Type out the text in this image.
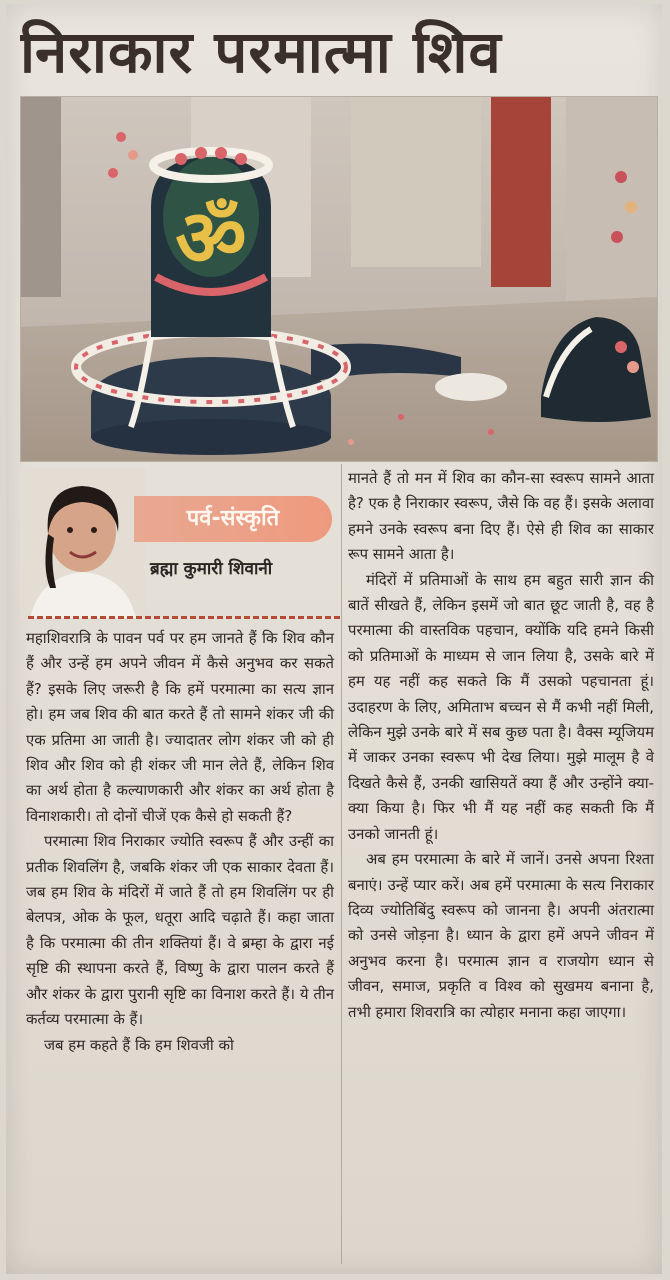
निराकार परमात्मा शिव
ॐ
पर्व-संस्कृति
ब्रह्मा कुमारी शिवानी

महाशिवरात्रि के पावन पर्व पर हम जानते हैं कि शिव कौन हैं और उन्हें हम अपने जीवन में कैसे अनुभव कर सकते हैं? इसके लिए जरूरी है कि हमें परमात्मा का सत्य ज्ञान हो। हम जब शिव की बात करते हैं तो सामने शंकर जी की एक प्रतिमा आ जाती है। ज्यादातर लोग शंकर जी को ही शिव और शिव को ही शंकर जी मान लेते हैं, लेकिन शिव का अर्थ होता है कल्याणकारी और शंकर का अर्थ होता है विनाशकारी। तो दोनों चीजें एक कैसे हो सकती हैं?

परमात्मा शिव निराकार ज्योति स्वरूप हैं और उन्हीं का प्रतीक शिवलिंग है, जबकि शंकर जी एक साकार देवता हैं। जब हम शिव के मंदिरों में जाते हैं तो हम शिवलिंग पर ही बेलपत्र, ओक के फूल, धतूरा आदि चढ़ाते हैं। कहा जाता है कि परमात्मा की तीन शक्तियां हैं। वे ब्रम्हा के द्वारा नई सृष्टि की स्थापना करते हैं, विष्णु के द्वारा पालन करते हैं और शंकर के द्वारा पुरानी सृष्टि का विनाश करते हैं। ये तीन कर्तव्य परमात्मा के हैं।

जब हम कहते हैं कि हम शिवजी को

मानते हैं तो मन में शिव का कौन-सा स्वरूप सामने आता है? एक है निराकार स्वरूप, जैसे कि वह हैं। इसके अलावा हमने उनके स्वरूप बना दिए हैं। ऐसे ही शिव का साकार रूप सामने आता है।

मंदिरों में प्रतिमाओं के साथ हम बहुत सारी ज्ञान की बातें सीखते हैं, लेकिन इसमें जो बात छूट जाती है, वह है परमात्मा की वास्तविक पहचान, क्योंकि यदि हमने किसी को प्रतिमाओं के माध्यम से जान लिया है, उसके बारे में हम यह नहीं कह सकते कि मैं उसको पहचानता हूं। उदाहरण के लिए, अमिताभ बच्चन से मैं कभी नहीं मिली, लेकिन मुझे उनके बारे में सब कुछ पता है। वैक्स म्यूजियम में जाकर उनका स्वरूप भी देख लिया। मुझे मालूम है वे दिखते कैसे हैं, उनकी खासियतें क्या हैं और उन्होंने क्या-क्या किया है। फिर भी मैं यह नहीं कह सकती कि मैं उनको जानती हूं।

अब हम परमात्मा के बारे में जानें। उनसे अपना रिश्ता बनाएं। उन्हें प्यार करें। अब हमें परमात्मा के सत्य निराकार दिव्य ज्योतिबिंदु स्वरूप को जानना है। अपनी अंतरात्मा को उनसे जोड़ना है। ध्यान के द्वारा हमें अपने जीवन में अनुभव करना है। परमात्म ज्ञान व राजयोग ध्यान से जीवन, समाज, प्रकृति व विश्व को सुखमय बनाना है, तभी हमारा शिवरात्रि का त्योहार मनाना कहा जाएगा।
